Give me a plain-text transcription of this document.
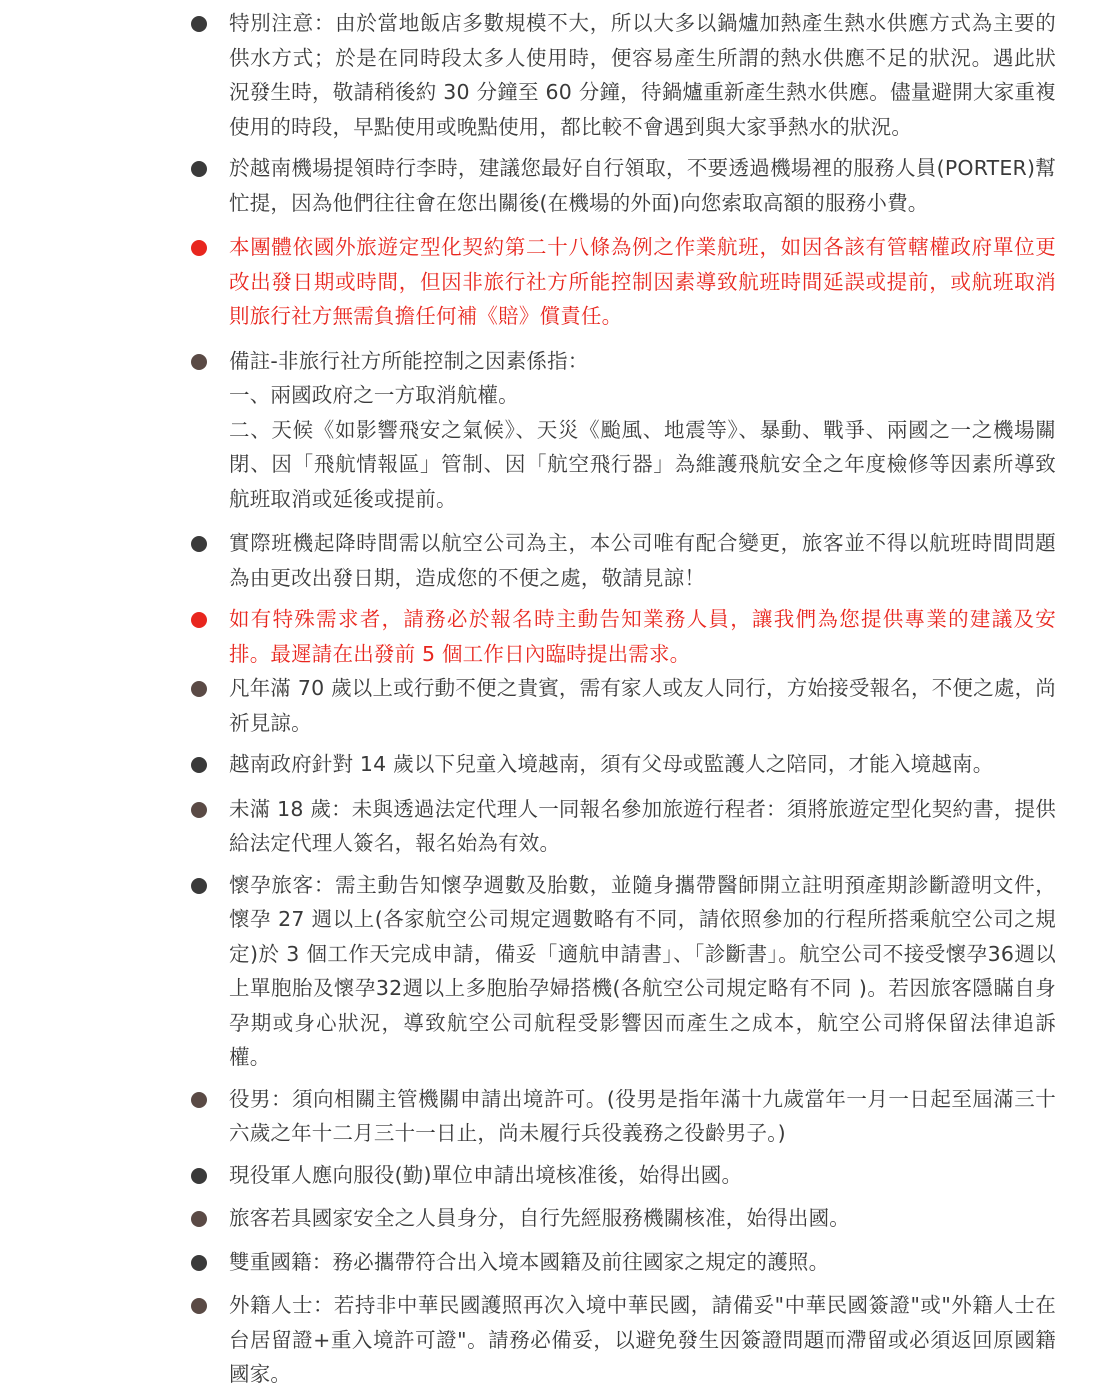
特別注意：由於當地飯店多數規模不大，所以大多以鍋爐加熱產生熱水供應方式為主要的供水方式；於是在同時段太多人使用時，便容易產生所謂的熱水供應不足的狀況。遇此狀況發生時，敬請稍後約 30 分鐘至 60 分鐘，待鍋爐重新產生熱水供應。儘量避開大家重複使用的時段，早點使用或晚點使用，都比較不會遇到與大家爭熱水的狀況。
於越南機場提領時行李時，建議您最好自行領取，不要透過機場裡的服務人員(PORTER)幫忙提，因為他們往往會在您出關後(在機場的外面)向您索取高額的服務小費。
本團體依國外旅遊定型化契約第二十八條為例之作業航班，如因各該有管轄權政府單位更改出發日期或時間，但因非旅行社方所能控制因素導致航班時間延誤或提前，或航班取消則旅行社方無需負擔任何補《賠》償責任。
備註-非旅行社方所能控制之因素係指：
一、兩國政府之一方取消航權。
二、天候《如影響飛安之氣候》、天災《颱風、地震等》、暴動、戰爭、兩國之一之機場關閉、因「飛航情報區」管制、因「航空飛行器」為維護飛航安全之年度檢修等因素所導致航班取消或延後或提前。
實際班機起降時間需以航空公司為主，本公司唯有配合變更，旅客並不得以航班時間問題為由更改出發日期，造成您的不便之處，敬請見諒！
如有特殊需求者，請務必於報名時主動告知業務人員，讓我們為您提供專業的建議及安排。最遲請在出發前 5 個工作日內臨時提出需求。
凡年滿 70 歲以上或行動不便之貴賓，需有家人或友人同行，方始接受報名，不便之處，尚祈見諒。
越南政府針對 14 歲以下兒童入境越南，須有父母或監護人之陪同，才能入境越南。
未滿 18 歲：未與透過法定代理人一同報名參加旅遊行程者：須將旅遊定型化契約書，提供給法定代理人簽名，報名始為有效。
懷孕旅客：需主動告知懷孕週數及胎數，並隨身攜帶醫師開立註明預產期診斷證明文件，懷孕 27 週以上(各家航空公司規定週數略有不同，請依照參加的行程所搭乘航空公司之規定)於 3 個工作天完成申請，備妥「適航申請書」、「診斷書」。航空公司不接受懷孕36週以上單胞胎及懷孕32週以上多胞胎孕婦搭機(各航空公司規定略有不同 )。若因旅客隱瞞自身孕期或身心狀況，導致航空公司航程受影響因而產生之成本，航空公司將保留法律追訴權。
役男：須向相關主管機關申請出境許可。(役男是指年滿十九歲當年一月一日起至屆滿三十六歲之年十二月三十一日止，尚未履行兵役義務之役齡男子。)
現役軍人應向服役(勤)單位申請出境核准後，始得出國。
旅客若具國家安全之人員身分，自行先經服務機關核准，始得出國。
雙重國籍：務必攜帶符合出入境本國籍及前往國家之規定的護照。
外籍人士：若持非中華民國護照再次入境中華民國，請備妥"中華民國簽證"或"外籍人士在台居留證+重入境許可證"。請務必備妥，以避免發生因簽證問題而滯留或必須返回原國籍國家。
